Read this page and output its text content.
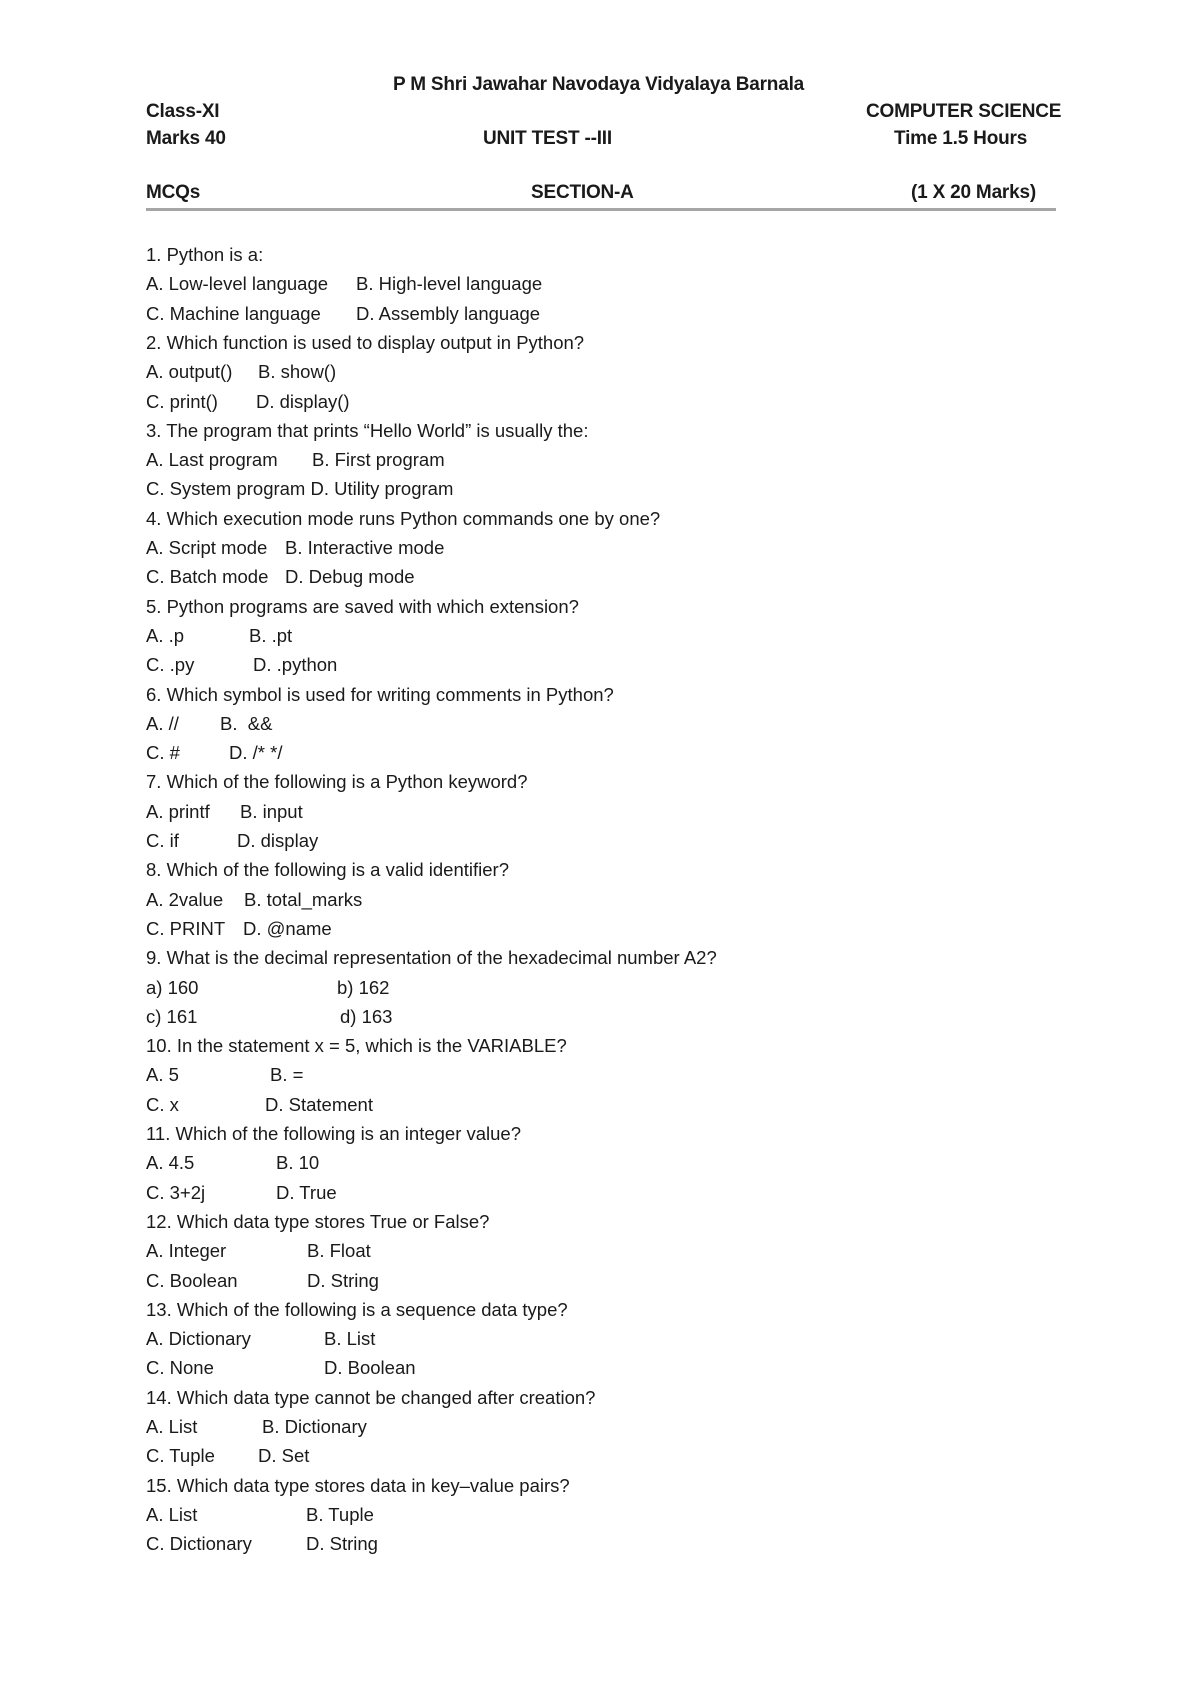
P M Shri Jawahar Navodaya Vidyalaya Barnala
Class-XI	COMPUTER SCIENCE
Marks 40	UNIT TEST --III	Time 1.5 Hours
MCQs	SECTION-A	(1 X 20 Marks)
1. Python is a:
A. Low-level language B. High-level language
C. Machine language D. Assembly language
2. Which function is used to display output in Python?
A. output() B. show()
C. print() D. display()
3. The program that prints “Hello World” is usually the:
A. Last program B. First program
C. System program D. Utility program
4. Which execution mode runs Python commands one by one?
A. Script mode B. Interactive mode
C. Batch mode D. Debug mode
5. Python programs are saved with which extension?
A. .p	B. .pt
C. .py	D. .python
6. Which symbol is used for writing comments in Python?
A. // B.  &&
C. #	D. /* */
7. Which of the following is a Python keyword?
A. printf B. input
C. if	D. display
8. Which of the following is a valid identifier?
A. 2value B. total_marks
C. PRINT D. @name
9. What is the decimal representation of the hexadecimal number A2?
a) 160	b) 162
c) 161	d) 163
10. In the statement x = 5, which is the VARIABLE?
A. 5	B. =
C. x	D. Statement
11. Which of the following is an integer value?
A. 4.5	B. 10
C. 3+2j	D. True
12. Which data type stores True or False?
A. Integer	B. Float
C. Boolean	D. String
13. Which of the following is a sequence data type?
A. Dictionary	B. List
C. None	D. Boolean
14. Which data type cannot be changed after creation?
A. List	B. Dictionary
C. Tuple D. Set
15. Which data type stores data in key–value pairs?
A. List	B. Tuple
C. Dictionary	D. String
